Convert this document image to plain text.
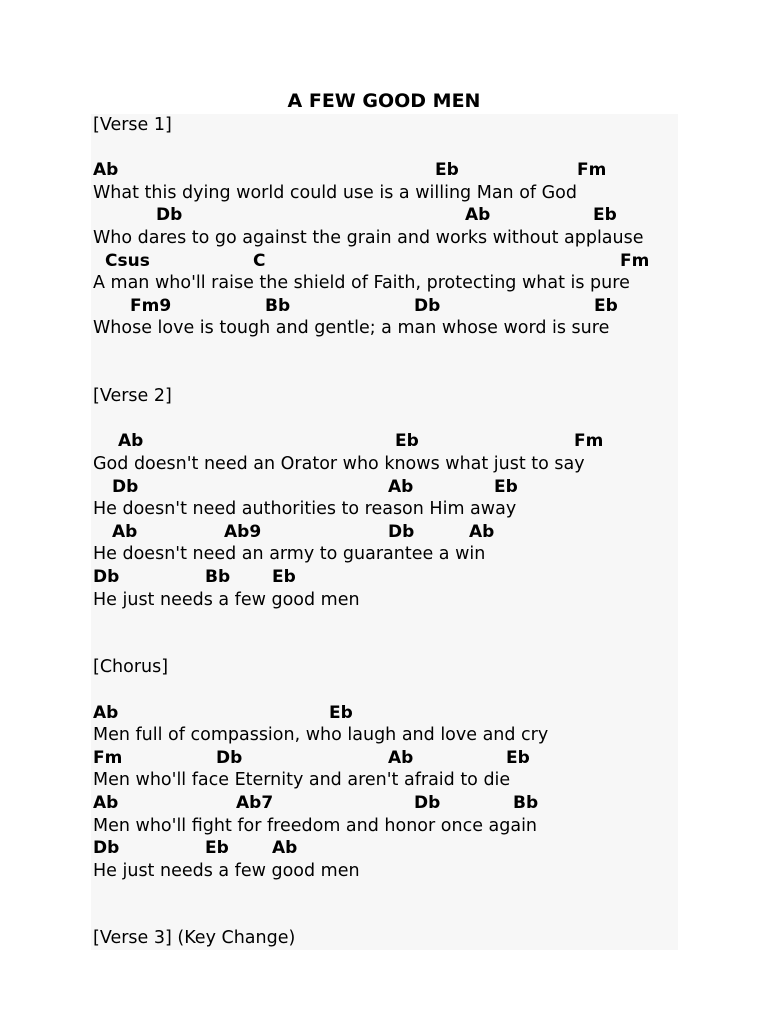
A FEW GOOD MEN
[Verse 1]
Ab	Eb	Fm
What this dying world could use is a willing Man of God
Db	Ab	Eb
Who dares to go against the grain and works without applause
Csus	C	Fm
A man who'll raise the shield of Faith, protecting what is pure
Fm9	Bb	Db	Eb
Whose love is tough and gentle; a man whose word is sure
[Verse 2]
Ab	Eb	Fm
God doesn't need an Orator who knows what just to say
Db	Ab	Eb
He doesn't need authorities to reason Him away
Ab	Ab9	Db	Ab
He doesn't need an army to guarantee a win
Db	Bb Eb
He just needs a few good men
[Chorus]
Ab	Eb
Men full of compassion, who laugh and love and cry
Fm	Db	Ab	Eb
Men who'll face Eternity and aren't afraid to die
Ab	Ab7	Db	Bb
Men who'll fight for freedom and honor once again
Db	Eb	Ab
He just needs a few good men
[Verse 3] (Key Change)
